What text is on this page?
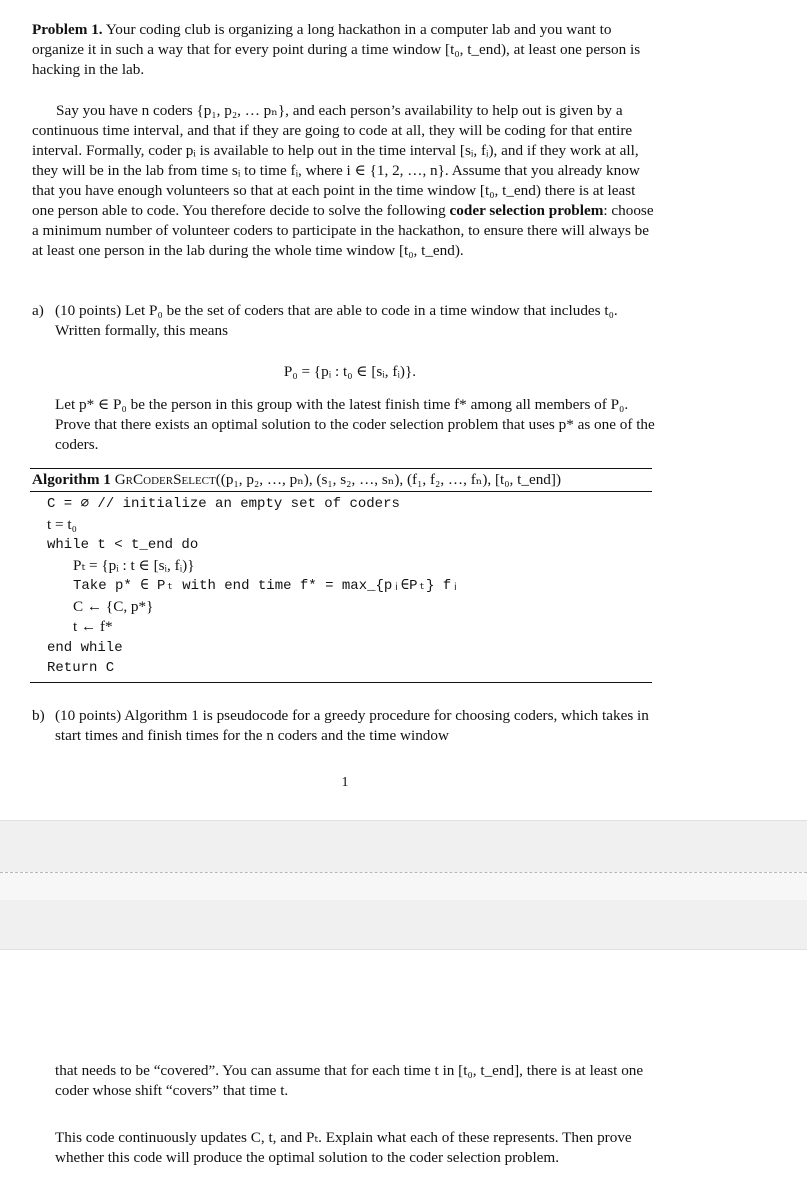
Problem 1. Your coding club is organizing a long hackathon in a computer lab and you want to organize it in such a way that for every point during a time window [t₀, t_end), at least one person is hacking in the lab.

Say you have n coders {p₁, p₂, … pₙ}, and each person’s availability to help out is given by a continuous time interval, and that if they are going to code at all, they will be coding for that entire interval. Formally, coder pᵢ is available to help out in the time interval [sᵢ, fᵢ), and if they work at all, they will be in the lab from time sᵢ to time fᵢ, where i ∈ {1, 2, …, n}. Assume that you already know that you have enough volunteers so that at each point in the time window [t₀, t_end) there is at least one person able to code. You therefore decide to solve the following coder selection problem: choose a minimum number of volunteer coders to participate in the hackathon, to ensure there will always be at least one person in the lab during the whole time window [t₀, t_end).

a) (10 points) Let P₀ be the set of coders that are able to code in a time window that includes t₀. Written formally, this means
P₀ = {pᵢ : t₀ ∈ [sᵢ, fᵢ)}.
Let p* ∈ P₀ be the person in this group with the latest finish time f* among all members of P₀. Prove that there exists an optimal solution to the coder selection problem that uses p* as one of the coders.
Algorithm 1 GrCoderSelect((p₁, p₂, …, pₙ), (s₁, s₂, …, sₙ), (f₁, f₂, …, fₙ), [t₀, t_end])
C = ∅ // initialize an empty set of coders
t = t₀
while t < t_end do
Pₜ = {pᵢ : t ∈ [sᵢ, fᵢ)}
Take p* ∈ Pₜ with end time f* = max_{pᵢ∈Pₜ} fᵢ
C ← {C, p*}
t ← f*
end while
Return C
b) (10 points) Algorithm 1 is pseudocode for a greedy procedure for choosing coders, which takes in start times and finish times for the n coders and the time window
1
that needs to be “covered”. You can assume that for each time t in [t₀, t_end], there is at least one coder whose shift “covers” that time t.
This code continuously updates C, t, and Pₜ. Explain what each of these represents. Then prove whether this code will produce the optimal solution to the coder selection problem.
